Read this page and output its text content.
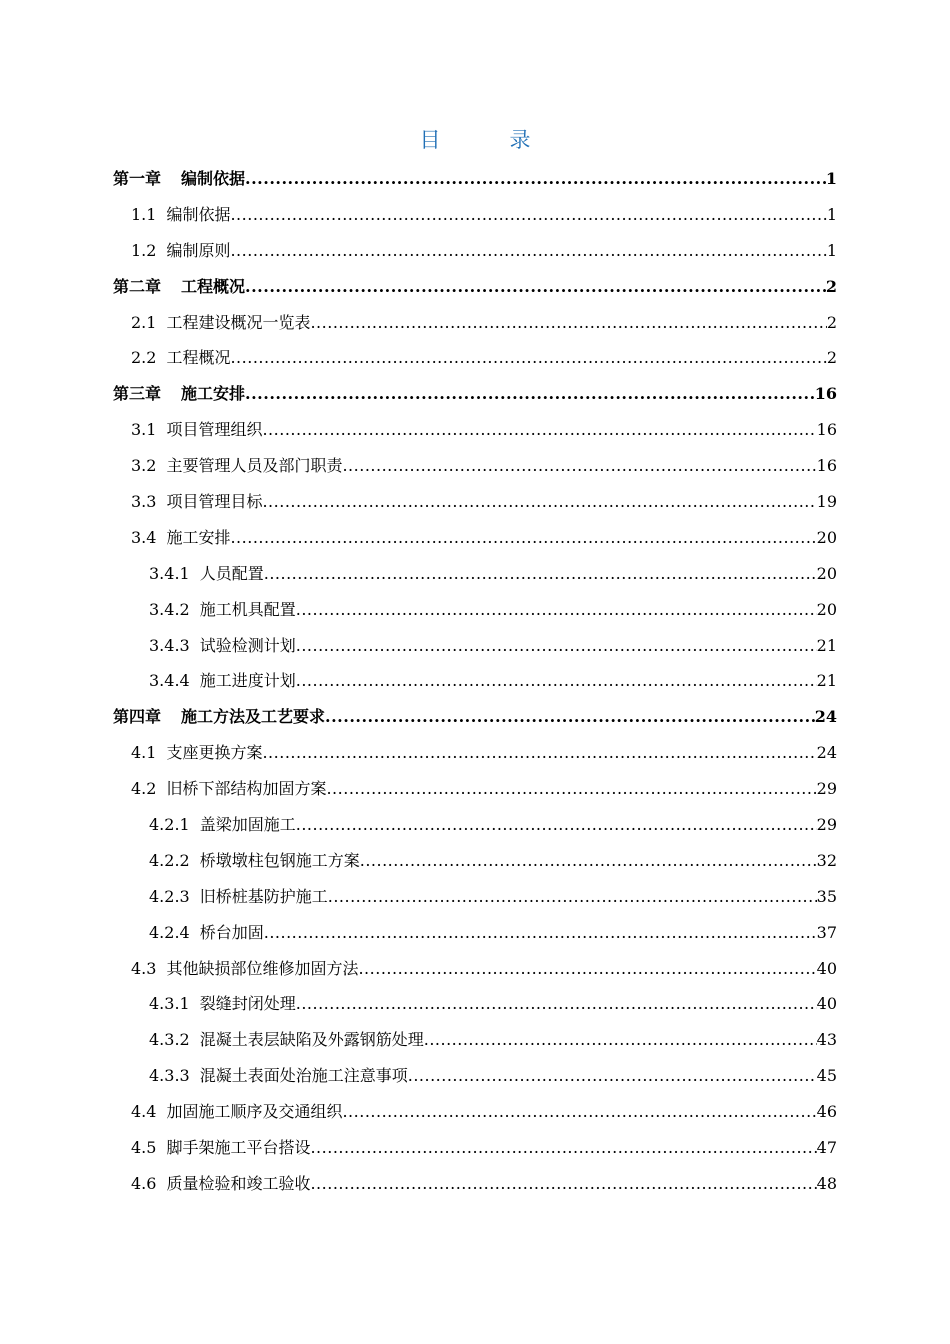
目　录
第一章 编制依据 .....	1
1.1 编制依据 .....	1
1.2 编制原则 .....	1
第二章 工程概况 .....	2
2.1 工程建设概况一览表 .....	2
2.2 工程概况 .....	2
第三章 施工安排 .....	16
3.1 项目管理组织 .....	16
3.2 主要管理人员及部门职责 .....	16
3.3 项目管理目标 .....	19
3.4 施工安排 .....	20
3.4.1 人员配置 .....	20
3.4.2 施工机具配置 .....	20
3.4.3 试验检测计划 .....	21
3.4.4 施工进度计划 .....	21
第四章 施工方法及工艺要求 .....	24
4.1 支座更换方案 .....	24
4.2 旧桥下部结构加固方案 .....	29
4.2.1 盖梁加固施工 .....	29
4.2.2 桥墩墩柱包钢施工方案 .....	32
4.2.3 旧桥桩基防护施工 .....	35
4.2.4 桥台加固 .....	37
4.3 其他缺损部位维修加固方法 .....	40
4.3.1 裂缝封闭处理 .....	40
4.3.2 混凝土表层缺陷及外露钢筋处理 .....	43
4.3.3 混凝土表面处治施工注意事项 .....	45
4.4 加固施工顺序及交通组织 .....	46
4.5 脚手架施工平台搭设 .....	47
4.6 质量检验和竣工验收 .....	48
